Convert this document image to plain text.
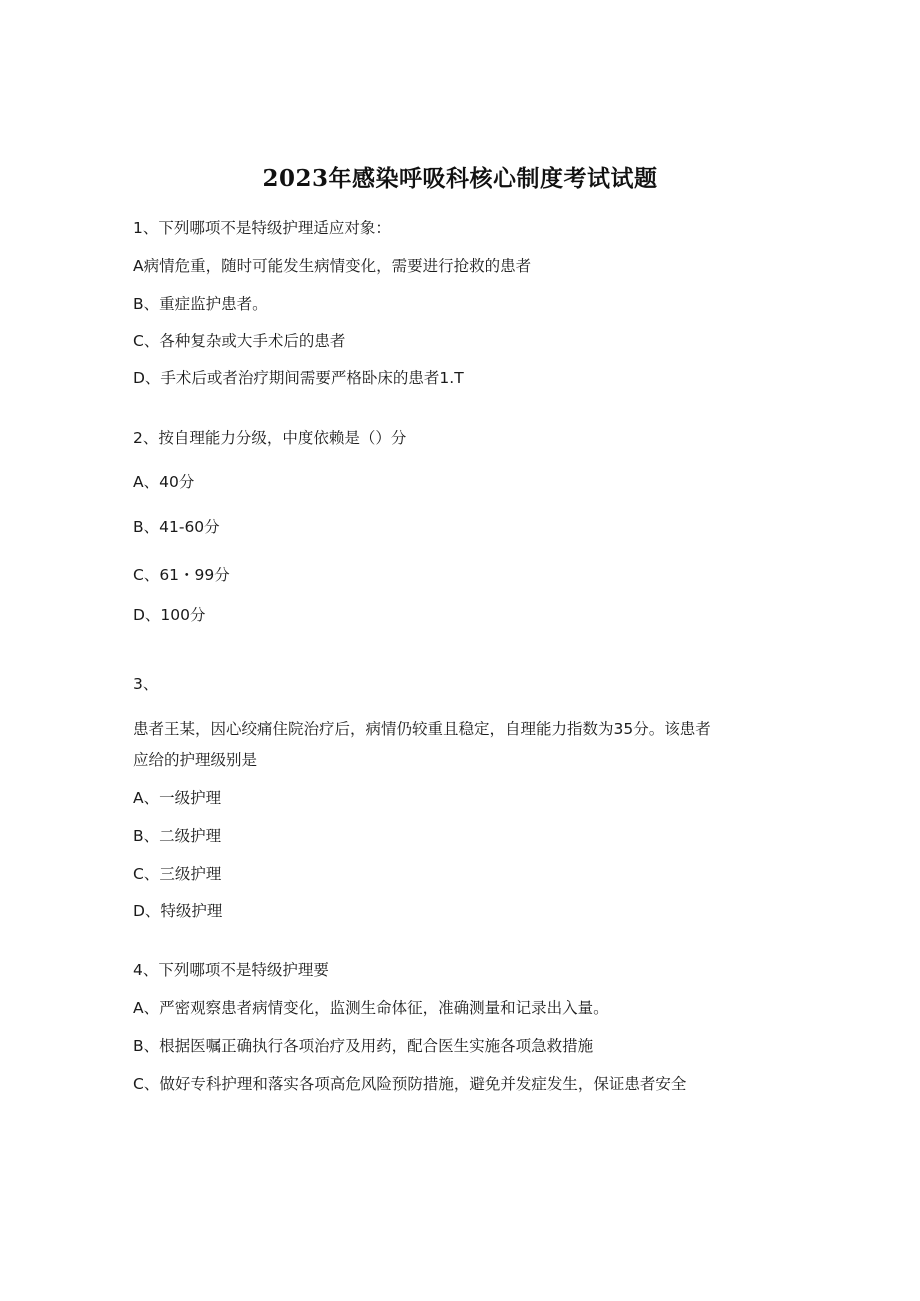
2023年感染呼吸科核心制度考试试题
1、下列哪项不是特级护理适应对象：
A病情危重，随时可能发生病情变化，需要进行抢救的患者
B、重症监护患者。
C、各种复杂或大手术后的患者
D、手术后或者治疗期间需要严格卧床的患者1.T
2、按自理能力分级，中度依赖是（）分
A、40分
B、41-60分
C、61・99分
D、100分
3、
患者王某，因心绞痛住院治疗后，病情仍较重且稳定，自理能力指数为35分。该患者
应给的护理级别是
A、一级护理
B、二级护理
C、三级护理
D、特级护理
4、下列哪项不是特级护理要
A、严密观察患者病情变化，监测生命体征，准确测量和记录出入量。
B、根据医嘱正确执行各项治疗及用药，配合医生实施各项急救措施
C、做好专科护理和落实各项高危风险预防措施，避免并发症发生，保证患者安全
